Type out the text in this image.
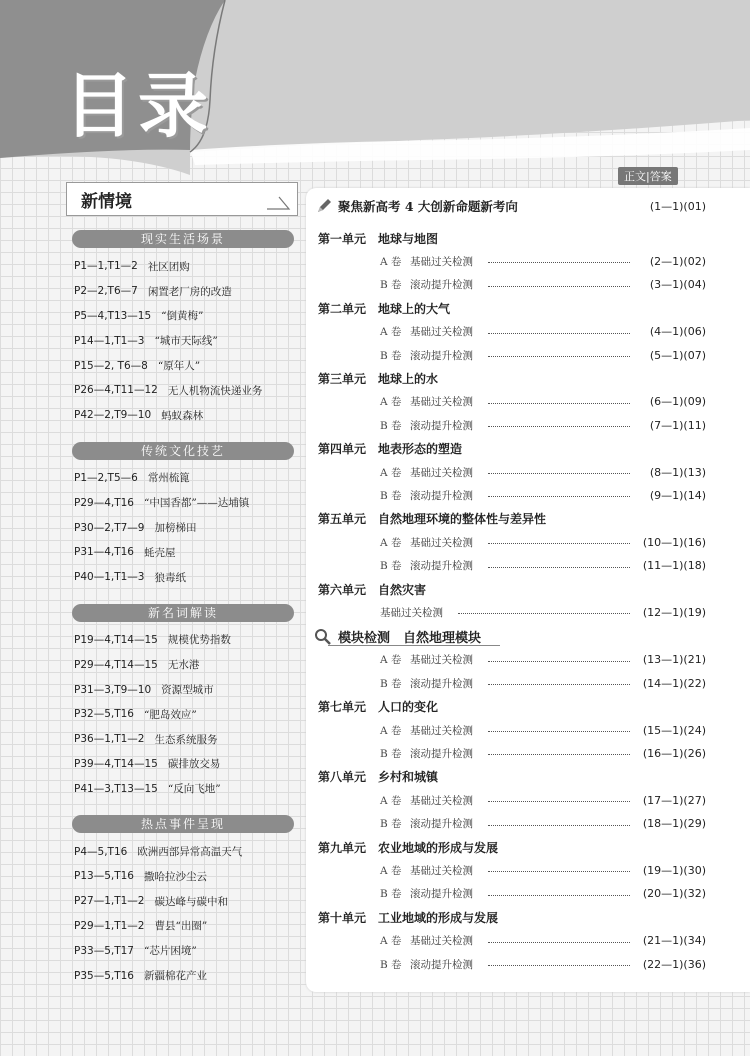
目录
正文|答案
新情境
现实生活场景
P1—1,T1—2 社区团购
P2—2,T6—7 闲置老厂房的改造
P5—4,T13—15 “倒黄梅”
P14—1,T1—3 “城市天际线”
P15—2, T6—8 “原年人”
P26—4,T11—12 无人机物流快递业务
P42—2,T9—10 蚂蚁森林
传统文化技艺
P1—2,T5—6 常州梳篦
P29—4,T16 “中国香都”——达埔镇
P30—2,T7—9 加榜梯田
P31—4,T16 蚝壳屋
P40—1,T1—3 狼毒纸
新名词解读
P19—4,T14—15 规模优势指数
P29—4,T14—15 无水港
P31—3,T9—10 资源型城市
P32—5,T16 “肥岛效应”
P36—1,T1—2 生态系统服务
P39—4,T14—15 碳排放交易
P41—3,T13—15 “反向飞地”
热点事件呈现
P4—5,T16 欧洲西部异常高温天气
P13—5,T16 撒哈拉沙尘云
P27—1,T1—2 碳达峰与碳中和
P29—1,T1—2 曹县“出圈”
P33—5,T17 “芯片困境”
P35—5,T16 新疆棉花产业
聚焦新高考 4 大创新命题新考向	(1—1)(01)
第一单元 地球与地图
A 卷 基础过关检测	(2—1)(02)
B 卷 滚动提升检测	(3—1)(04)
第二单元 地球上的大气
A 卷 基础过关检测	(4—1)(06)
B 卷 滚动提升检测	(5—1)(07)
第三单元 地球上的水
A 卷 基础过关检测	(6—1)(09)
B 卷 滚动提升检测	(7—1)(11)
第四单元 地表形态的塑造
A 卷 基础过关检测	(8—1)(13)
B 卷 滚动提升检测	(9—1)(14)
第五单元 自然地理环境的整体性与差异性
A 卷 基础过关检测	(10—1)(16)
B 卷 滚动提升检测	(11—1)(18)
第六单元 自然灾害
基础过关检测	(12—1)(19)
模块检测　自然地理模块
A 卷 基础过关检测	(13—1)(21)
B 卷 滚动提升检测	(14—1)(22)
第七单元 人口的变化
A 卷 基础过关检测	(15—1)(24)
B 卷 滚动提升检测	(16—1)(26)
第八单元 乡村和城镇
A 卷 基础过关检测	(17—1)(27)
B 卷 滚动提升检测	(18—1)(29)
第九单元 农业地域的形成与发展
A 卷 基础过关检测	(19—1)(30)
B 卷 滚动提升检测	(20—1)(32)
第十单元 工业地域的形成与发展
A 卷 基础过关检测	(21—1)(34)
B 卷 滚动提升检测	(22—1)(36)
